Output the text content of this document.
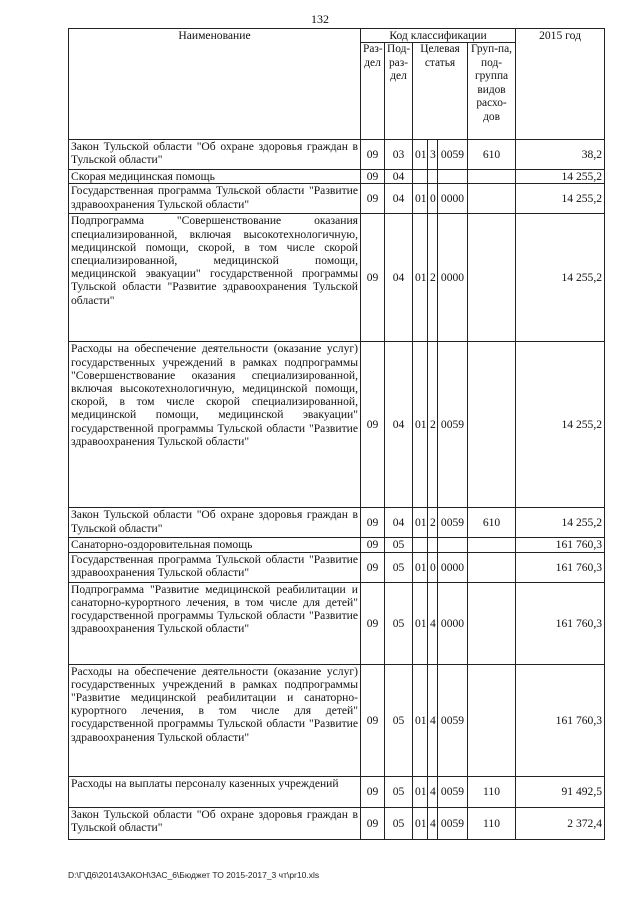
132
Наименование	Код классификации						2015 год
	Раз-дел	Под-раз-дел	Целевая статья			Груп-па, под-группа видов расхо-дов	
Закон Тульской области "Об охране здоровья граждан в Тульской области"	09	03	01	3	0059	610	38,2
Скорая медицинская помощь	09	04					14 255,2
Государственная программа Тульской области "Развитие здравоохранения Тульской области"	09	04	01	0	0000		14 255,2
Подпрограмма "Совершенствование оказания специализированной, включая высокотехнологичную, медицинской помощи, скорой, в том числе скорой специализированной, медицинской помощи, медицинской эвакуации" государственной программы Тульской области "Развитие здравоохранения Тульской области"	09	04	01	2	0000		14 255,2
Расходы на обеспечение деятельности (оказание услуг) государственных учреждений в рамках подпрограммы "Совершенствование оказания специализированной, включая высокотехнологичную, медицинской помощи, скорой, в том числе скорой специализированной, медицинской помощи, медицинской эвакуации" государственной программы Тульской области "Развитие здравоохранения Тульской области"	09	04	01	2	0059		14 255,2
Закон Тульской области "Об охране здоровья граждан в Тульской области"	09	04	01	2	0059	610	14 255,2
Санаторно-оздоровительная помощь	09	05					161 760,3
Государственная программа Тульской области "Развитие здравоохранения Тульской области"	09	05	01	0	0000		161 760,3
Подпрограмма "Развитие медицинской реабилитации и санаторно-курортного лечения, в том числе для детей" государственной программы Тульской области "Развитие здравоохранения Тульской области"	09	05	01	4	0000		161 760,3
Расходы на обеспечение деятельности (оказание услуг) государственных учреждений в рамках подпрограммы "Развитие медицинской реабилитации и санаторно-курортного лечения, в том числе для детей" государственной программы Тульской области "Развитие здравоохранения Тульской области"	09	05	01	4	0059		161 760,3
Расходы на выплаты персоналу казенных учреждений	09	05	01	4	0059	110	91 492,5
Закон Тульской области "Об охране здоровья граждан в Тульской области"	09	05	01	4	0059	110	2 372,4
D:\Г\Д6\2014\ЗАКОН\ЗАС_6\Бюджет ТО 2015-2017_3 чт\pr10.xls
